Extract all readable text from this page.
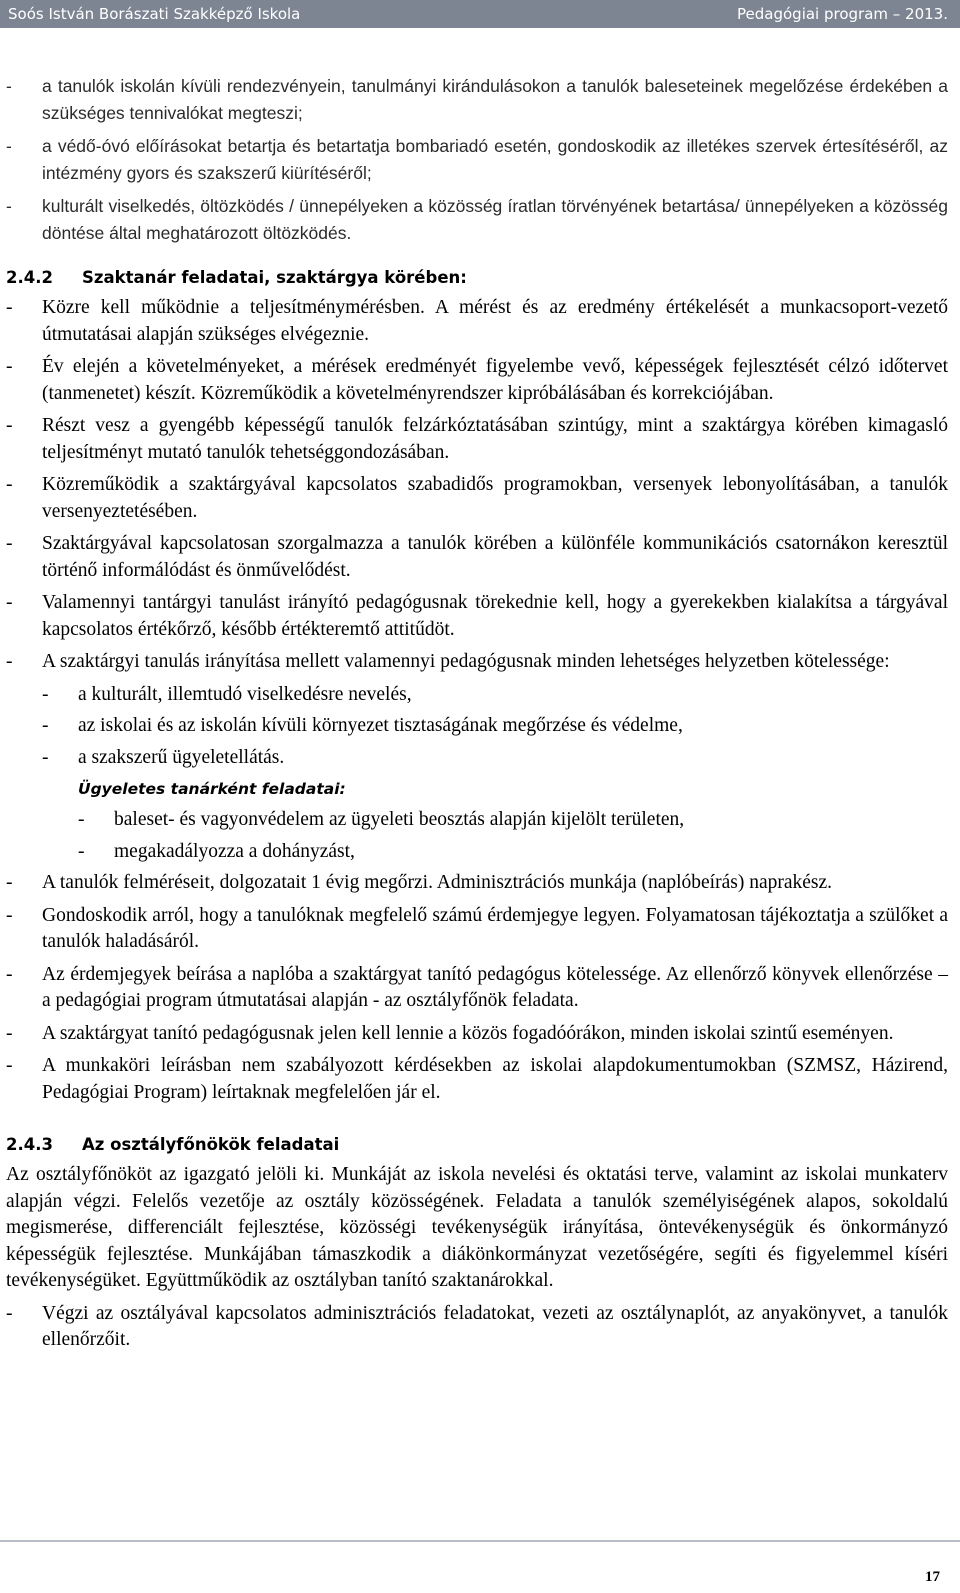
Soós István Borászati Szakképző Iskola	Pedagógiai program – 2013.
- a tanulók iskolán kívüli rendezvényein, tanulmányi kirándulásokon a tanulók baleseteinek megelőzése érdekében a szükséges tennivalókat megteszi;
- a védő-óvó előírásokat betartja és betartatja bombariadó esetén, gondoskodik az illetékes szervek értesítéséről, az intézmény gyors és szakszerű kiürítéséről;
- kulturált viselkedés, öltözködés / ünnepélyeken a közösség íratlan törvényének betartása/ ünnepélyeken a közösség döntése által meghatározott öltözködés.
2.4.2 Szaktanár feladatai, szaktárgya körében:
- Közre kell működnie a teljesítménymérésben. A mérést és az eredmény értékelését a munkacsoport-vezető útmutatásai alapján szükséges elvégeznie.
- Év elején a követelményeket, a mérések eredményét figyelembe vevő, képességek fejlesztését célzó időtervet (tanmenetet) készít. Közreműködik a követelményrendszer kipróbálásában és korrekciójában.
- Részt vesz a gyengébb képességű tanulók felzárkóztatásában szintúgy, mint a szaktárgya körében kimagasló teljesítményt mutató tanulók tehetséggondozásában.
- Közreműködik a szaktárgyával kapcsolatos szabadidős programokban, versenyek lebonyolításában, a tanulók versenyeztetésében.
- Szaktárgyával kapcsolatosan szorgalmazza a tanulók körében a különféle kommunikációs csatornákon keresztül történő informálódást és önművelődést.
- Valamennyi tantárgyi tanulást irányító pedagógusnak törekednie kell, hogy a gyerekekben kialakítsa a tárgyával kapcsolatos értékőrző, később értékteremtő attitűdöt.
- A szaktárgyi tanulás irányítása mellett valamennyi pedagógusnak minden lehetséges helyzetben kötelessége:
- a kulturált, illemtudó viselkedésre nevelés,
- az iskolai és az iskolán kívüli környezet tisztaságának megőrzése és védelme,
- a szakszerű ügyeletellátás.
Ügyeletes tanárként feladatai:
- baleset- és vagyonvédelem az ügyeleti beosztás alapján kijelölt területen,
- megakadályozza a dohányzást,
- A tanulók felméréseit, dolgozatait 1 évig megőrzi. Adminisztrációs munkája (naplóbeírás) naprakész.
- Gondoskodik arról, hogy a tanulóknak megfelelő számú érdemjegye legyen. Folyamatosan tájékoztatja a szülőket a tanulók haladásáról.
- Az érdemjegyek beírása a naplóba a szaktárgyat tanító pedagógus kötelessége. Az ellenőrző könyvek ellenőrzése – a pedagógiai program útmutatásai alapján - az osztályfőnök feladata.
- A szaktárgyat tanító pedagógusnak jelen kell lennie a közös fogadóórákon, minden iskolai szintű eseményen.
- A munkaköri leírásban nem szabályozott kérdésekben az iskolai alapdokumentumokban (SZMSZ, Házirend, Pedagógiai Program) leírtaknak megfelelően jár el.
2.4.3 Az osztályfőnökök feladatai
Az osztályfőnököt az igazgató jelöli ki. Munkáját az iskola nevelési és oktatási terve, valamint az iskolai munkaterv alapján végzi. Felelős vezetője az osztály közösségének. Feladata a tanulók személyiségének alapos, sokoldalú megismerése, differenciált fejlesztése, közösségi tevékenységük irányítása, öntevékenységük és önkormányzó képességük fejlesztése. Munkájában támaszkodik a diákönkormányzat vezetőségére, segíti és figyelemmel kíséri tevékenységüket. Együttműködik az osztályban tanító szaktanárokkal.
- Végzi az osztályával kapcsolatos adminisztrációs feladatokat, vezeti az osztálynaplót, az anyakönyvet, a tanulók ellenőrzőit.
17
